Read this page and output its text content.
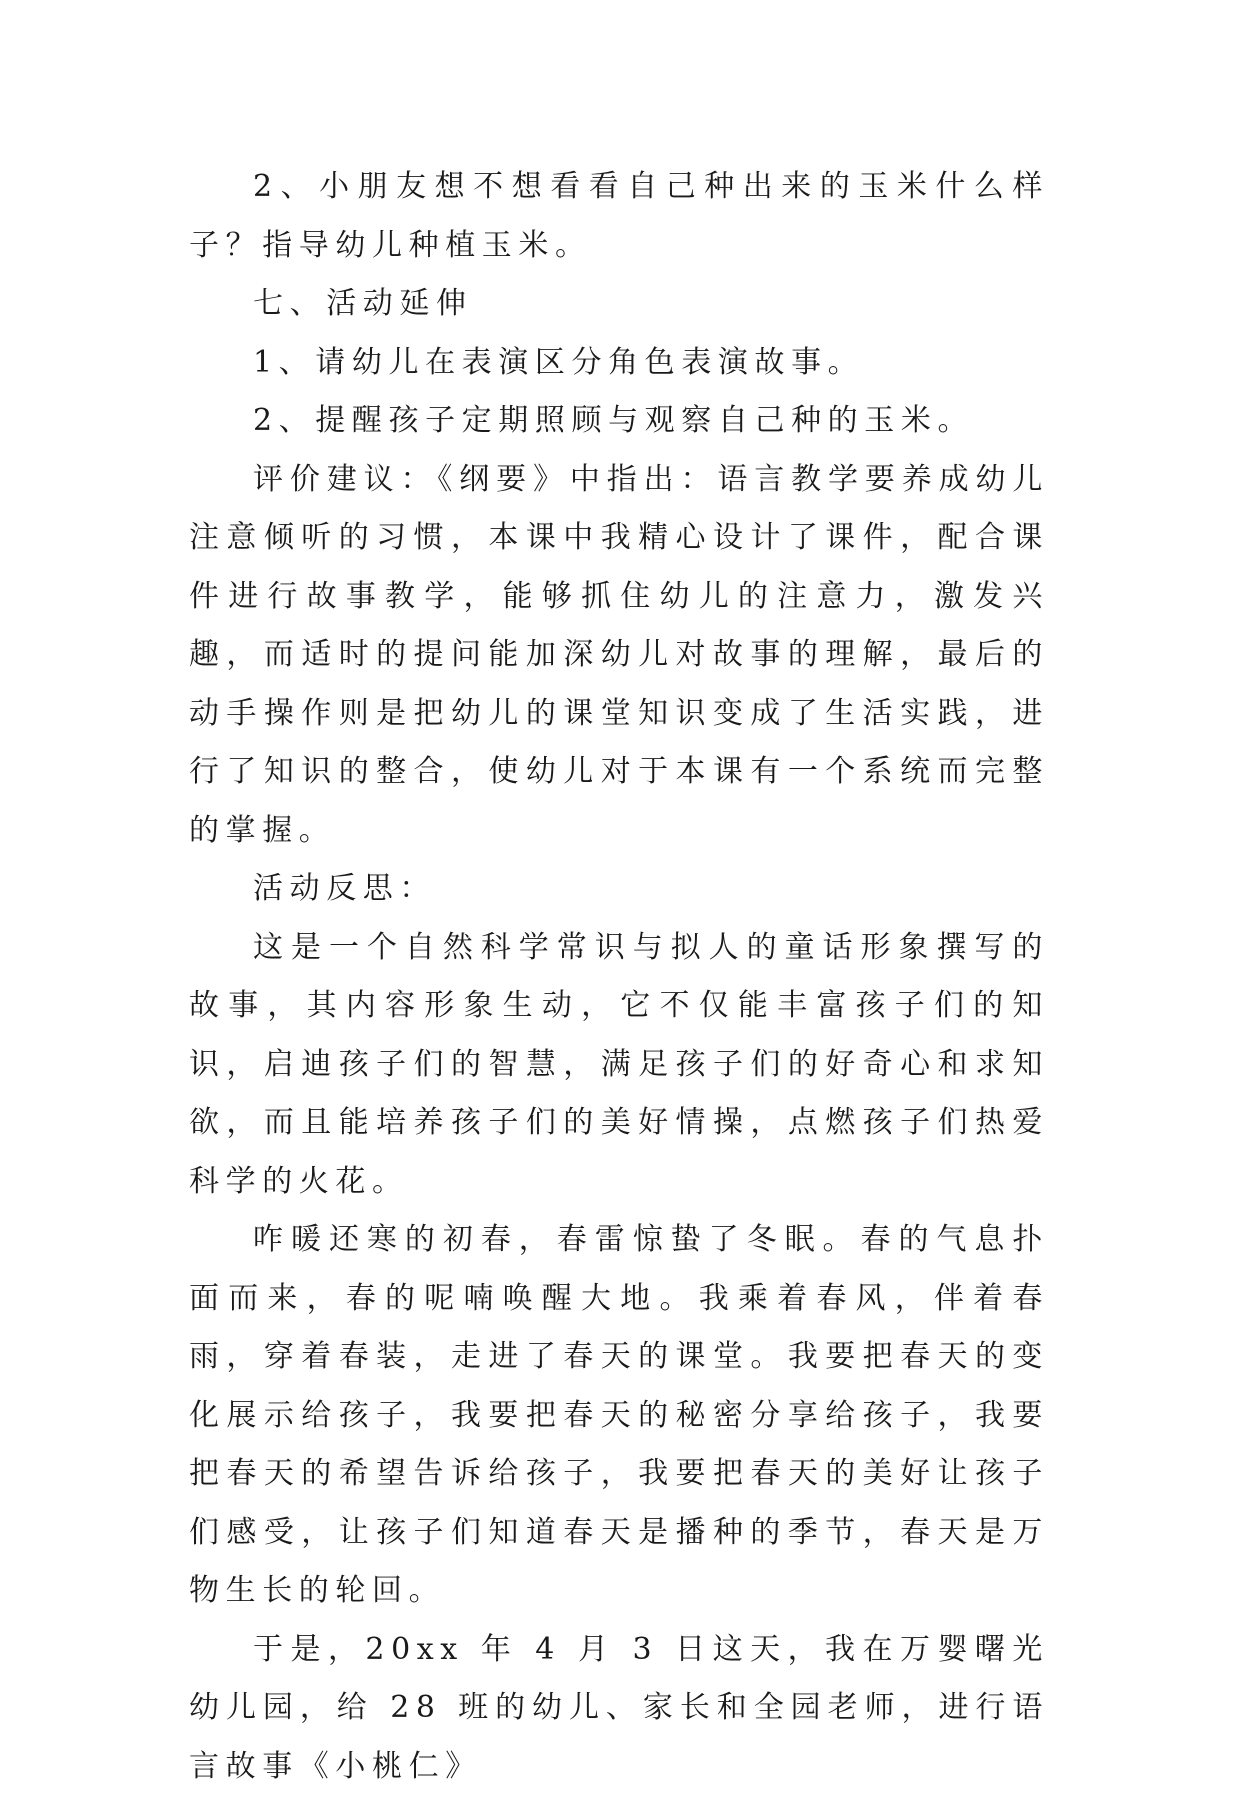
2、小朋友想不想看看自己种出来的玉米什么样子？指导幼儿种植玉米。

七、活动延伸

1、请幼儿在表演区分角色表演故事。

2、提醒孩子定期照顾与观察自己种的玉米。

评价建议：《纲要》中指出：语言教学要养成幼儿注意倾听的习惯，本课中我精心设计了课件，配合课件进行故事教学，能够抓住幼儿的注意力，激发兴趣，而适时的提问能加深幼儿对故事的理解，最后的动手操作则是把幼儿的课堂知识变成了生活实践，进行了知识的整合，使幼儿对于本课有一个系统而完整的掌握。

活动反思：

这是一个自然科学常识与拟人的童话形象撰写的故事，其内容形象生动，它不仅能丰富孩子们的知识，启迪孩子们的智慧，满足孩子们的好奇心和求知欲，而且能培养孩子们的美好情操，点燃孩子们热爱科学的火花。

咋暖还寒的初春，春雷惊蛰了冬眠。春的气息扑面而来，春的呢喃唤醒大地。我乘着春风，伴着春雨，穿着春装，走进了春天的课堂。我要把春天的变化展示给孩子，我要把春天的秘密分享给孩子，我要把春天的希望告诉给孩子，我要把春天的美好让孩子们感受，让孩子们知道春天是播种的季节，春天是万物生长的轮回。

于是，20xx 年 4 月 3 日这天，我在万婴曙光幼儿园，给 28 班的幼儿、家长和全园老师，进行语言故事《小桃仁》
